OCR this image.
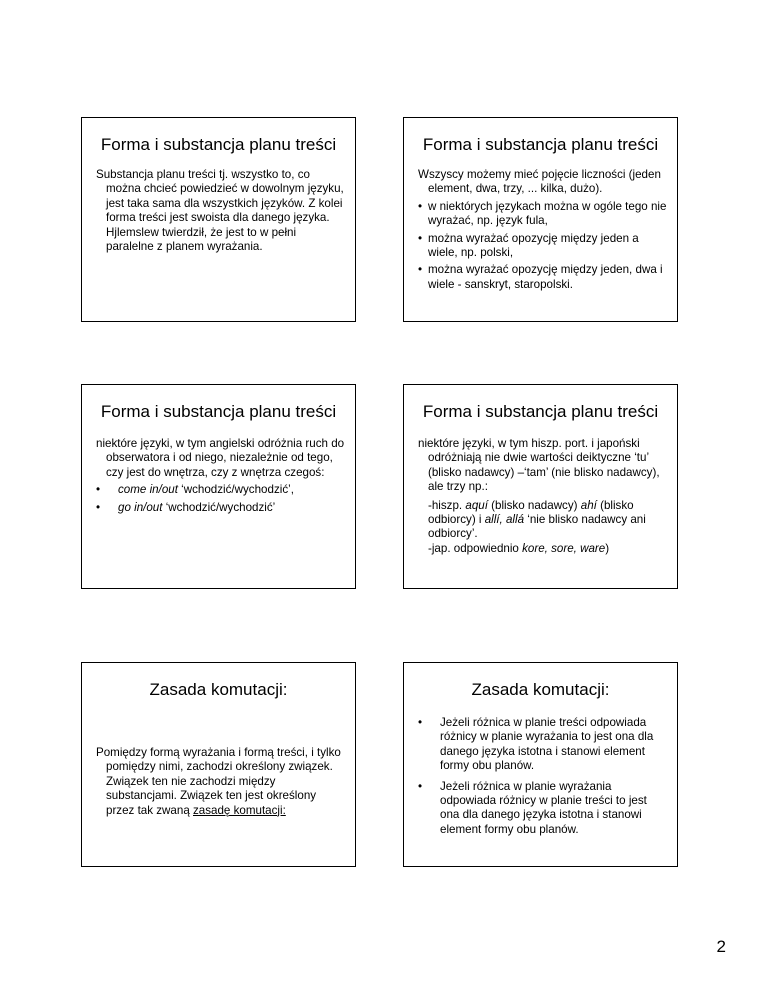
Forma i substancja planu treści

Substancja planu treści tj. wszystko to, co można chcieć powiedzieć w dowolnym języku, jest taka sama dla wszystkich języków. Z kolei forma treści jest swoista dla danego języka. Hjlemslew twierdził, że jest to w pełni paralelne z planem wyrażania.

Forma i substancja planu treści

Wszyscy możemy mieć pojęcie liczności (jeden element, dwa, trzy, ... kilka, dużo).

• w niektórych językach można w ogóle tego nie wyrażać, np. język fula,
• można wyrażać opozycję między jeden a wiele, np. polski,
• można wyrażać opozycję między jeden, dwa i wiele - sanskryt, staropolski.

Forma i substancja planu treści

niektóre języki, w tym angielski odróżnia ruch do obserwatora i od niego, niezależnie od tego, czy jest do wnętrza, czy z wnętrza czegoś:

• come in/out ‘wchodzić/wychodzić’,
• go in/out ‘wchodzić/wychodzić’

Forma i substancja planu treści

niektóre języki, w tym hiszp. port. i japoński odróżniają nie dwie wartości deiktyczne ‘tu’ (blisko nadawcy) –‘tam’ (nie blisko nadawcy), ale trzy np.:

-hiszp. aquí (blisko nadawcy) ahí (blisko odbiorcy) i allí, allá ‘nie blisko nadawcy ani odbiorcy’.

-jap. odpowiednio kore, sore, ware)

Zasada komutacji:

Pomiędzy formą wyrażania i formą treści, i tylko pomiędzy nimi, zachodzi określony związek. Związek ten nie zachodzi między substancjami. Związek ten jest określony przez tak zwaną zasadę komutacji:

Zasada komutacji:

• Jeżeli różnica w planie treści odpowiada różnicy w planie wyrażania to jest ona dla danego języka istotna i stanowi element formy obu planów.
• Jeżeli różnica w planie wyrażania odpowiada różnicy w planie treści to jest ona dla danego języka istotna i stanowi element formy obu planów.
2
